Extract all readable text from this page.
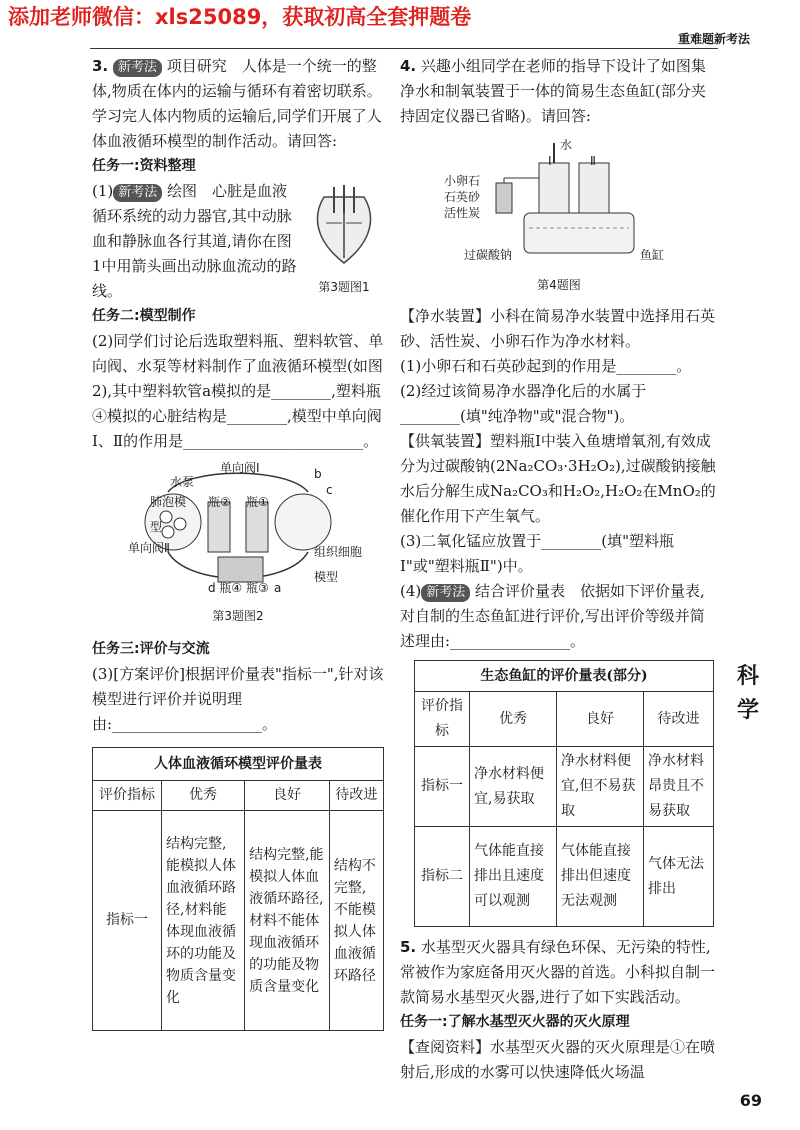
添加老师微信：xls25089，获取初高全套押题卷
重难题新考法

3. 新考法 项目研究　人体是一个统一的整体,物质在体内的运输与循环有着密切联系。学习完人体内物质的运输后,同学们开展了人体血液循环模型的制作活动。请回答:

任务一:资料整理

第3题图1

(1) 新考法 绘图　心脏是血液循环系统的动力器官,其中动脉血和静脉血各行其道,请你在图1中用箭头画出动脉血流动的路线。

任务二:模型制作

(2)同学们讨论后选取塑料瓶、塑料软管、单向阀、水泵等材料制作了血液循环模型(如图2),其中塑料软管a模拟的是________,塑料瓶④模拟的心脏结构是________,模型中单向阀Ⅰ、Ⅱ的作用是________________________。

单向阀Ⅰ
水泵
肺泡模型
单向阀Ⅱ
瓶② 瓶①
d 瓶④ 瓶③
组织细胞模型
b
c
a
第3题图2

任务三:评价与交流

(3)[方案评价]根据评价量表"指标一",针对该模型进行评价并说明理由:____________________。

人体血液循环模型评价量表			
评价指标	优秀	良好	待改进
指标一	结构完整,能模拟人体血液循环路径,材料能体现血液循环的功能及物质含量变化	结构完整,能模拟人体血液循环路径,材料不能体现血液循环的功能及物质含量变化	结构不完整,不能模拟人体血液循环路径

4. 兴趣小组同学在老师的指导下设计了如图集净水和制氧装置于一体的简易生态鱼缸(部分夹持固定仪器已省略)。请回答:

水
Ⅰ	Ⅱ
小卵石
石英砂
活性炭
过碳酸钠	鱼缸
第4题图

【净水装置】小科在简易净水装置中选择用石英砂、活性炭、小卵石作为净水材料。

(1)小卵石和石英砂起到的作用是________。

(2)经过该简易净水器净化后的水属于________(填"纯净物"或"混合物")。

【供氧装置】塑料瓶Ⅰ中装入鱼塘增氧剂,有效成分为过碳酸钠(2Na₂CO₃·3H₂O₂),过碳酸钠接触水后分解生成Na₂CO₃和H₂O₂,H₂O₂在MnO₂的催化作用下产生氧气。

(3)二氧化锰应放置于________(填"塑料瓶Ⅰ"或"塑料瓶Ⅱ")中。

(4) 新考法 结合评价量表　依据如下评价量表,对自制的生态鱼缸进行评价,写出评价等级并简述理由:________________。

生态鱼缸的评价量表(部分)			
评价指标	优秀	良好	待改进
指标一	净水材料便宜,易获取	净水材料便宜,但不易获取	净水材料昂贵且不易获取
指标二	气体能直接排出且速度可以观测	气体能直接排出但速度无法观测	气体无法排出

5. 水基型灭火器具有绿色环保、无污染的特性,常被作为家庭备用灭火器的首选。小科拟自制一款简易水基型灭火器,进行了如下实践活动。

任务一:了解水基型灭火器的灭火原理

【查阅资料】水基型灭火器的灭火原理是①在喷射后,形成的水雾可以快速降低火场温

科 学
69
